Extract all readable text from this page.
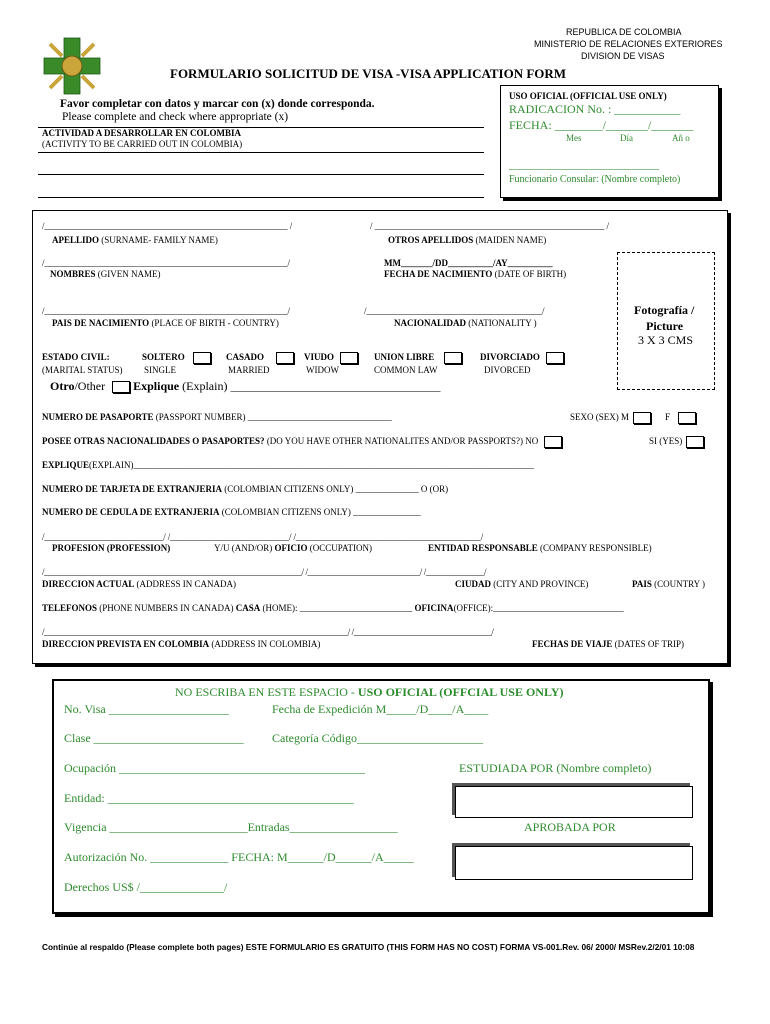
REPUBLICA DE COLOMBIA
MINISTERIO DE RELACIONES EXTERIORES
DIVISION DE VISAS
FORMULARIO SOLICITUD DE VISA -VISA APPLICATION FORM
Favor completar con datos y marcar con (x) donde corresponda.
Please complete and check where appropriate (x)
ACTIVIDAD A DESARROLLAR EN COLOMBIA
(ACTIVITY TO BE CARRIED OUT IN COLOMBIA)
USO OFICIAL (OFFICIAL USE ONLY)
RADICACION No. : ___________
FECHA: ________/_______/_______
Mes	Día	Añ o
______________________________
Funcionario Consular: (Nombre completo)
/______________________________________________________ /
APELLIDO (SURNAME- FAMILY NAME)
/ ___________________________________________________ /
OTROS APELLIDOS (MAIDEN NAME)
/______________________________________________________/
NOMBRES (GIVEN NAME)
MM_______/DD__________/AY__________
FECHA DE NACIMIENTO (DATE OF BIRTH)
Fotografía /
Picture
3 X 3 CMS
/______________________________________________________/
PAIS DE NACIMIENTO (PLACE OF BIRTH - COUNTRY)
/_______________________________________/
NACIONALIDAD (NATIONALITY )
ESTADO CIVIL:
(MARITAL STATUS)
SOLTERO
SINGLE
CASADO
MARRIED
VIUDO
WIDOW
UNION LIBRE
COMMON LAW
DIVORCIADO
DIVORCED
Otro/Other Explique (Explain) __________________________________________
NUMERO DE PASAPORTE (PASSPORT NUMBER) ________________________________	SEXO (SEX) M	F
POSEE OTRAS NACIONALIDADES O PASAPORTES? (DO YOU HAVE OTHER NATIONALITES AND/OR PASSPORTS?) NO	SI (YES)
EXPLIQUE(EXPLAIN)_________________________________________________________________________________________
NUMERO DE TARJETA DE EXTRANJERIA (COLOMBIAN CITIZENS ONLY) ______________ O (OR)
NUMERO DE CEDULA DE EXTRANJERIA (COLOMBIAN CITIZENS ONLY) _______________
/___________________________/ /___________________________/ /__________________________________________/
PROFESION (PROFESSION)	Y/U (AND/OR) OFICIO (OCCUPATION)	ENTIDAD RESPONSABLE (COMPANY RESPONSIBLE)
/______________________________________________________________/ /___________________________/ /______________/
DIRECCION ACTUAL (ADDRESS IN CANADA)	CIUDAD (CITY AND PROVINCE)	PAIS (COUNTRY )
TELEFONOS (PHONE NUMBERS IN CANADA) CASA (HOME): _________________________ OFICINA(OFFICE):_____________________________
/___________________________________________________________________________/ /__________________________________/
DIRECCION PREVISTA EN COLOMBIA (ADDRESS IN COLOMBIA)	FECHAS DE VIAJE (DATES OF TRIP)
NO ESCRIBA EN ESTE ESPACIO - USO OFICIAL (OFFCIAL USE ONLY)
No. Visa ____________________	Fecha de Expedición M_____/D____/A____
Clase _________________________ Categoría Código_____________________
Ocupación _________________________________________	ESTUDIADA POR (Nombre completo)
Entidad: _________________________________________
Vigencia _______________________Entradas__________________	APROBADA POR
Autorización No. _____________ FECHA: M______/D______/A_____
Derechos US$ /______________/
Continúe al respaldo (Please complete both pages) ESTE FORMULARIO ES GRATUITO (THIS FORM HAS NO COST) FORMA VS-001.Rev. 06/ 2000/ MSRev.2/2/01 10:08
